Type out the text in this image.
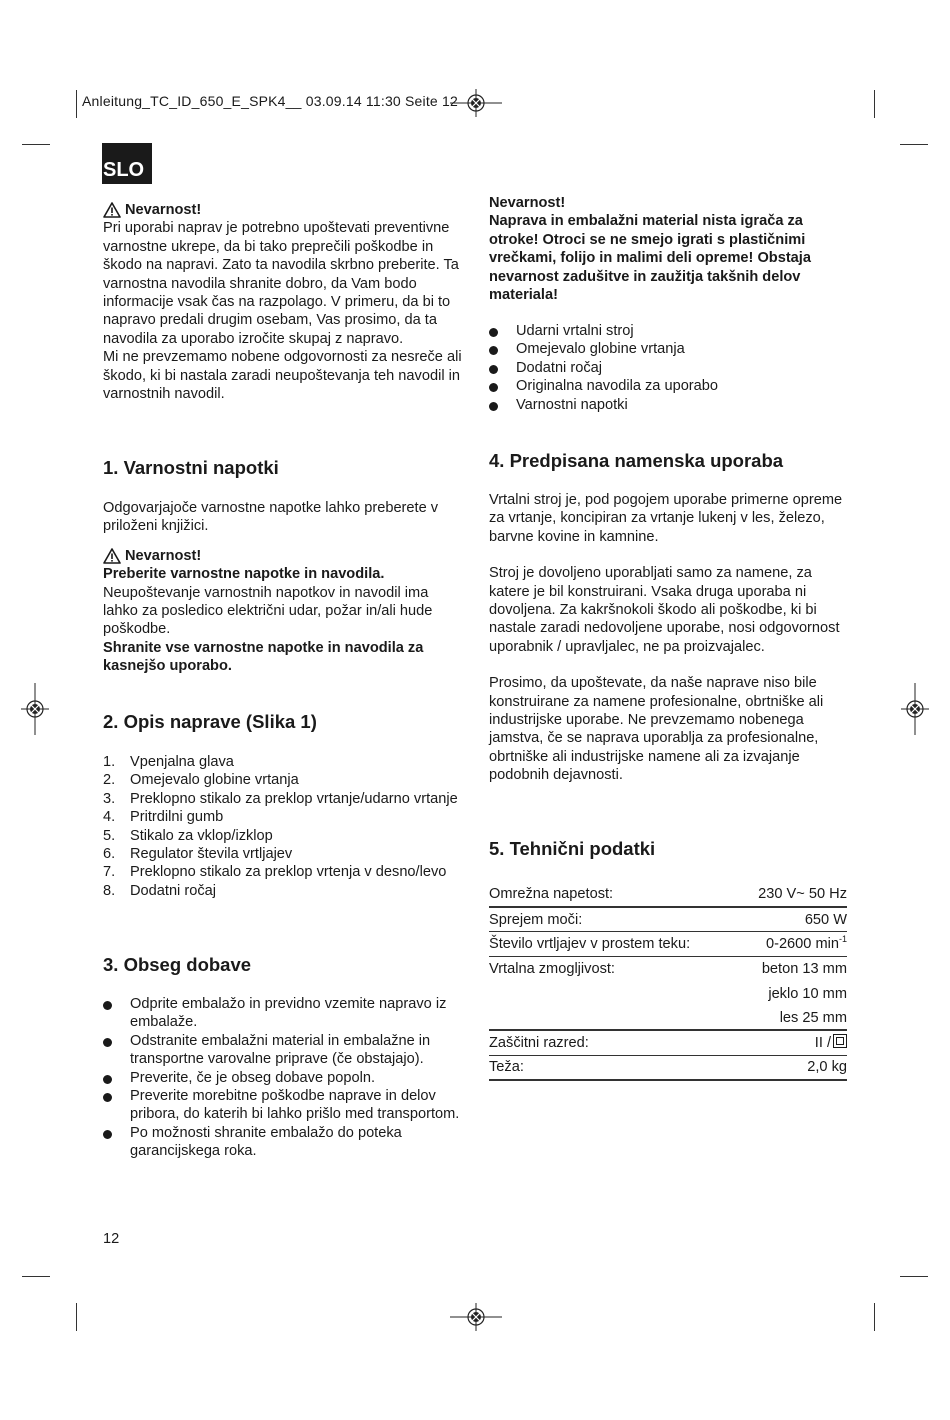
Anleitung_TC_ID_650_E_SPK4__ 03.09.14 11:30 Seite 12
SLO
Nevarnost!

Pri uporabi naprav je potrebno upoštevati preventivne varnostne ukrepe, da bi tako preprečili poškodbe in škodo na napravi. Zato ta navodila skrbno preberite. Ta varnostna navodila shranite dobro, da Vam bodo informacije vsak čas na razpolago. V primeru, da bi to napravo predali drugim osebam, Vas prosimo, da ta navodila za uporabo izročite skupaj z napravo.

Mi ne prevzemamo nobene odgovornosti za nesreče ali škodo, ki bi nastala zaradi neupoštevanja teh navodil in varnostnih navodil.

1. Varnostni napotki

Odgovarjajoče varnostne napotke lahko preberete v priloženi knjižici.

Nevarnost!

Preberite varnostne napotke in navodila.

Neupoštevanje varnostnih napotkov in navodil ima lahko za posledico električni udar, požar in/ali hude poškodbe.

Shranite vse varnostne napotke in navodila za kasnejšo uporabo.

2. Opis naprave (Slika 1)
1.	Vpenjalna glava
2.	Omejevalo globine vrtanja
3.	Preklopno stikalo za preklop vrtanje/udarno vrtanje
4.	Pritrdilni gumb
5.	Stikalo za vklop/izklop
6.	Regulator števila vrtljajev
7.	Preklopno stikalo za preklop vrtenja v desno/levo
8.	Dodatni ročaj
3. Obseg dobave
Odprite embalažo in previdno vzemite napravo iz embalaže.
Odstranite embalažni material in embalažne in transportne varovalne priprave (če obstajajo).
Preverite, če je obseg dobave popoln.
Preverite morebitne poškodbe naprave in delov pribora, do katerih bi lahko prišlo med transportom.
Po možnosti shranite embalažo do poteka garancijskega roka.
12

Nevarnost!

Naprava in embalažni material nista igrača za otroke! Otroci se ne smejo igrati s plastičnimi vrečkami, folijo in malimi deli opreme! Obstaja nevarnost zadušitve in zaužitja takšnih delov materiala!

Udarni vrtalni stroj
Omejevalo globine vrtanja
Dodatni ročaj
Originalna navodila za uporabo
Varnostni napotki
4. Predpisana namenska uporaba

Vrtalni stroj je, pod pogojem uporabe primerne opreme za vrtanje, koncipiran za vrtanje lukenj v les, železo, barvne kovine in kamnine.

Stroj je dovoljeno uporabljati samo za namene, za katere je bil konstruirani. Vsaka druga uporaba ni dovoljena. Za kakršnokoli škodo ali poškodbe, ki bi nastale zaradi nedovoljene uporabe, nosi odgovornost uporabnik / upravljalec, ne pa proizvajalec.

Prosimo, da upoštevate, da naše naprave niso bile konstruirane za namene profesionalne, obrtniške ali industrijske uporabe. Ne prevzemamo nobenega jamstva, če se naprava uporablja za profesionalne, obrtniške ali industrijske namene ali za izvajanje podobnih dejavnosti.

5. Tehnični podatki
Omrežna napetost:	230 V~ 50 Hz
Sprejem moči:	650 W
Število vrtljajev v prostem teku:	0-2600 $\min^{-1}$
Vrtalna zmogljivost:	beton 13 mm
jeklo 10 mm
les 25 mm
Zaščitni razred:	II /
Teža:	2,0 kg
